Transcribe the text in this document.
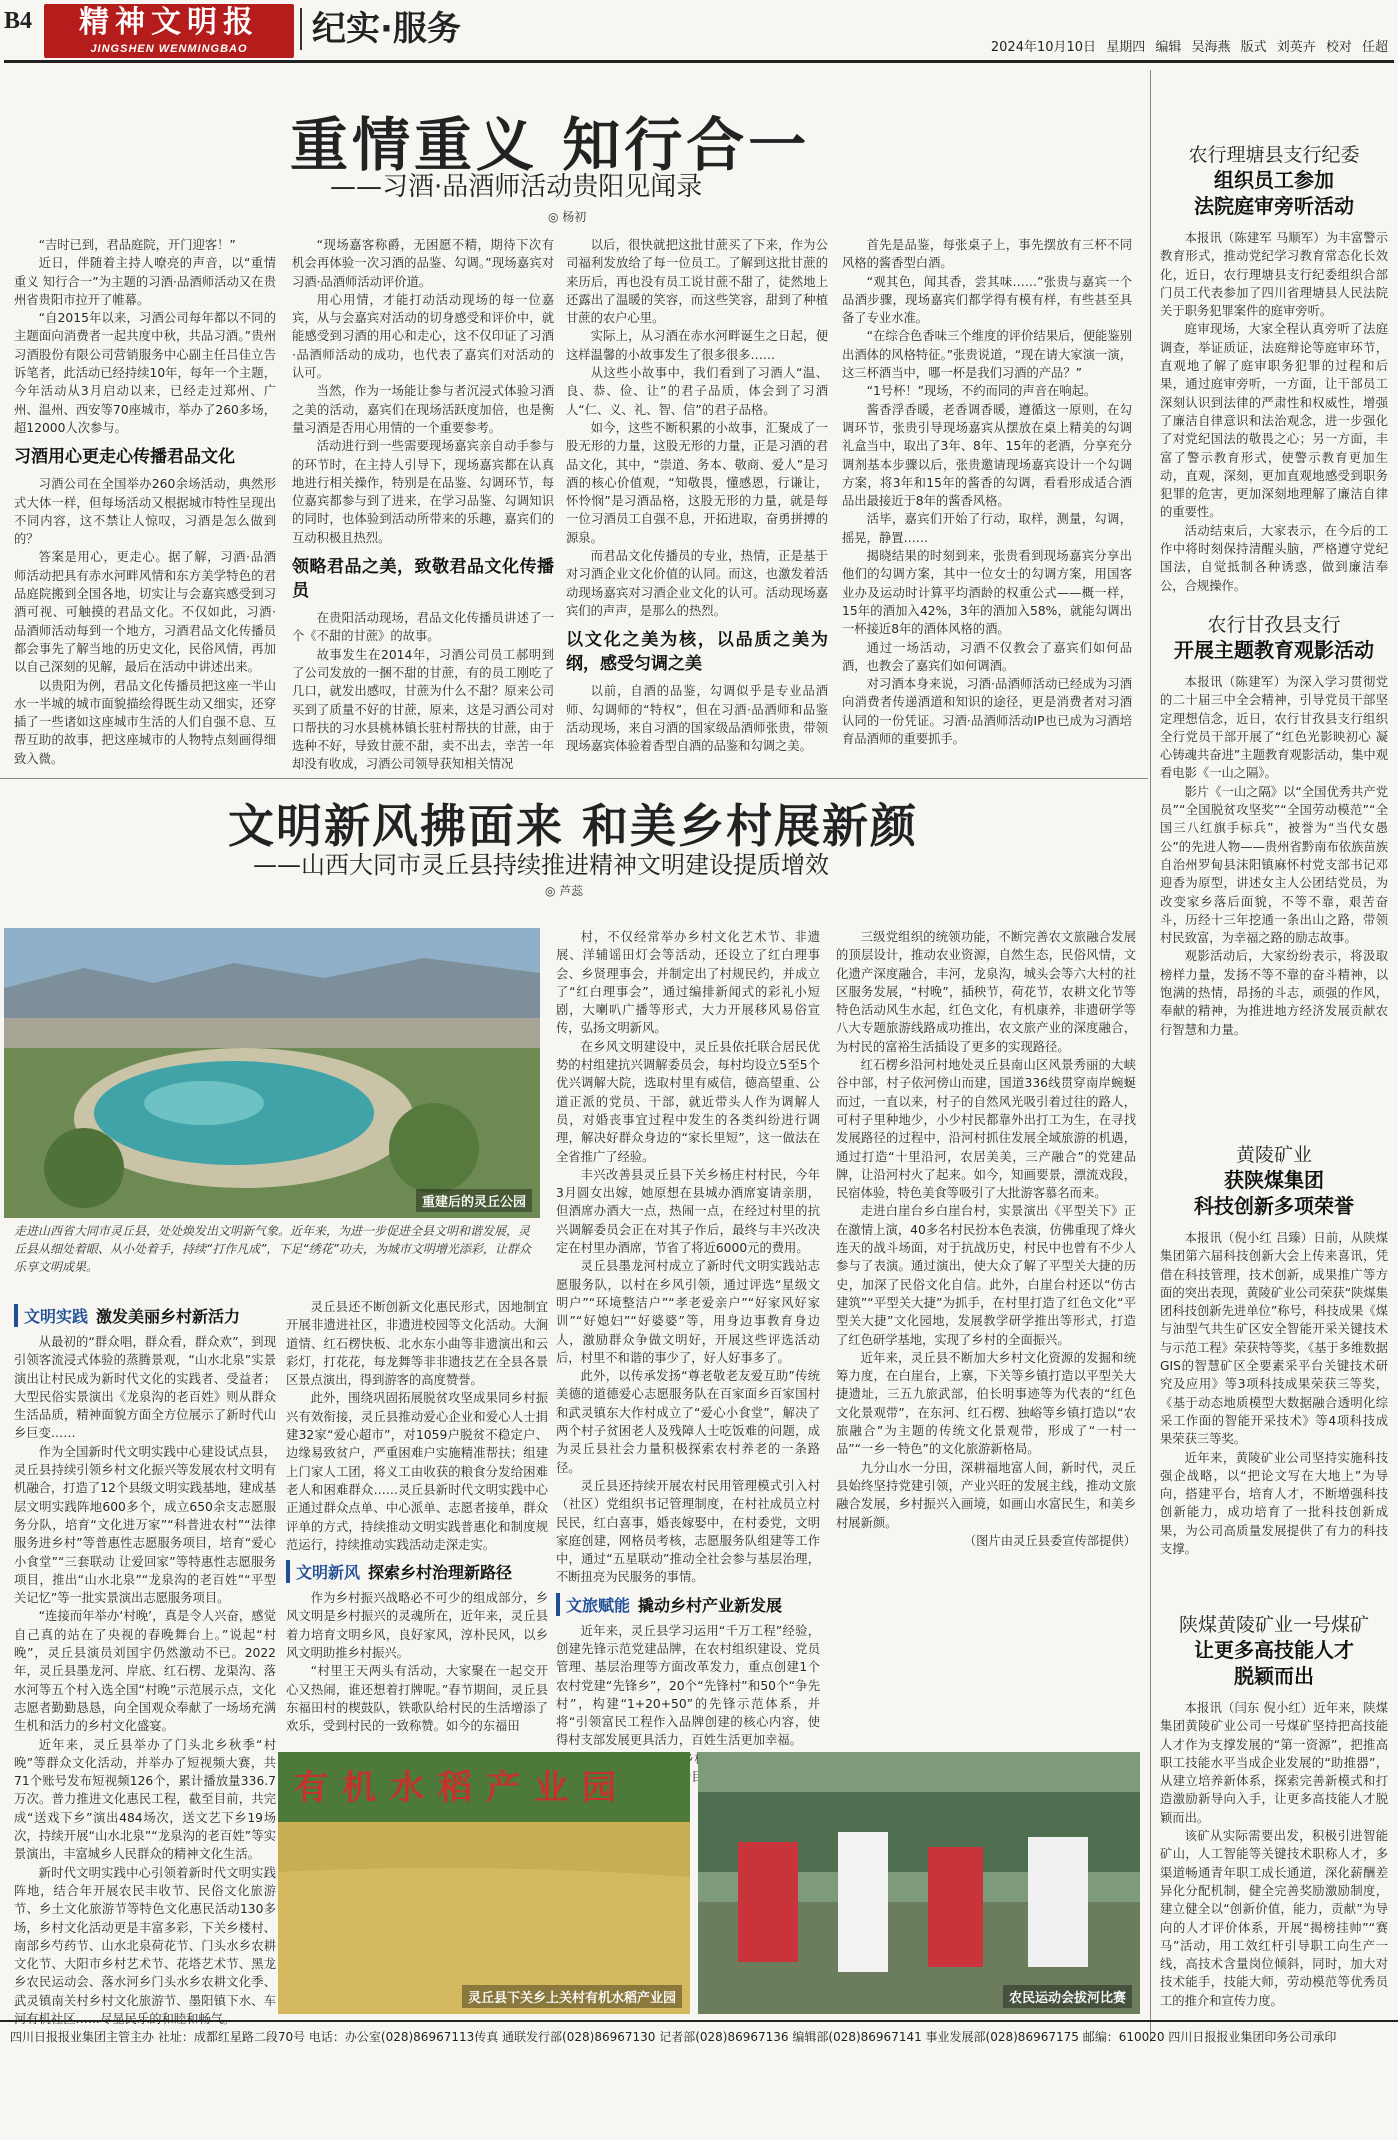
B4	精神文明报
JINGSHEN WENMINGBAO	纪实·服务	2024年10月10日 星期四 编辑 吴海燕 版式 刘英卉 校对 任超
重情重义 知行合一
——习酒·品酒师活动贵阳见闻录
◎ 杨初

“吉时已到，君品庭院，开门迎客！”

近日，伴随着主持人嘹亮的声音，以“重情重义 知行合一”为主题的习酒·品酒师活动又在贵州省贵阳市拉开了帷幕。

“自2015年以来，习酒公司每年都以不同的主题面向消费者一起共度中秋，共品习酒。”贵州习酒股份有限公司营销服务中心副主任吕佳立告诉笔者，此活动已经持续10年，每年一个主题，今年活动从3月启动以来，已经走过郑州、广州、温州、西安等70座城市，举办了260多场，超12000人次参与。

习酒用心更走心传播君品文化

习酒公司在全国举办260余场活动，典然形式大体一样，但每场活动又根据城市特性呈现出不同内容，这不禁让人惊叹，习酒是怎么做到的？

答案是用心，更走心。据了解，习酒·品酒师活动把具有赤水河畔风情和东方美学特色的君品庭院搬到全国各地，切实让与会嘉宾感受到习酒可视、可触摸的君品文化。不仅如此，习酒·品酒师活动每到一个地方，习酒君品文化传播员都会事先了解当地的历史文化，民俗风情，再加以自己深刻的见解，最后在活动中讲述出来。

以贵阳为例，君品文化传播员把这座一半山水一半城的城市面貌描绘得既生动又细实，还穿插了一些诸如这座城市生活的人们自强不息、互帮互助的故事，把这座城市的人物特点刻画得细致入微。

“现场嘉客称爵，无困愿不精，期待下次有机会再体验一次习酒的品鉴、勾调。”现场嘉宾对习酒·品酒师活动评价道。

用心用情，才能打动活动现场的每一位嘉宾，从与会嘉宾对活动的切身感受和评价中，就能感受到习酒的用心和走心，这不仅印证了习酒·品酒师活动的成功，也代表了嘉宾们对活动的认可。

当然，作为一场能让参与者沉浸式体验习酒之美的活动，嘉宾们在现场活跃度加倍，也是衡量习酒是否用心用情的一个重要参考。

活动进行到一些需要现场嘉宾亲自动手参与的环节时，在主持人引导下，现场嘉宾都在认真地进行相关操作，特别是在品鉴、勾调环节，每位嘉宾都参与到了进来，在学习品鉴、勾调知识的同时，也体验到活动所带来的乐趣，嘉宾们的互动积极且热烈。

领略君品之美，致敬君品文化传播员

在贵阳活动现场，君品文化传播员讲述了一个《不甜的甘蔗》的故事。

故事发生在2014年，习酒公司员工郝明到了公司发放的一捆不甜的甘蔗，有的员工刚吃了几口，就发出感叹，甘蔗为什么不甜？原来公司买到了质量不好的甘蔗，原来，这是习酒公司对口帮扶的习水县桃林镇长驻村帮扶的甘蔗，由于选种不好，导致甘蔗不甜，卖不出去，幸苦一年却没有收成，习酒公司领导获知相关情况

以后，很快就把这批甘蔗买了下来，作为公司福利发放给了每一位员工。了解到这批甘蔗的来历后，再也没有员工说甘蔗不甜了，徒然地上还露出了温暖的笑容，而这些笑容，甜到了种植甘蔗的农户心里。

实际上，从习酒在赤水河畔诞生之日起，便这样温馨的小故事发生了很多很多……

从这些小故事中，我们看到了习酒人“温、良、恭、俭、让”的君子品质，体会到了习酒人“仁、义、礼、智、信”的君子品格。

如今，这些不断积累的小故事，汇聚成了一股无形的力量，这股无形的力量，正是习酒的君品文化，其中，“崇道、务本、敬商、爱人”是习酒的核心价值观，“知敬畏，懂感恩，行谦让，怀怜悯”是习酒品格，这股无形的力量，就是每一位习酒员工自强不息，开拓进取，奋勇拼搏的源泉。

而君品文化传播员的专业，热情，正是基于对习酒企业文化价值的认同。而这，也激发着活动现场嘉宾对习酒企业文化的认可。活动现场嘉宾们的声声，是那么的热烈。

以文化之美为核，以品质之美为纲，感受匀调之美

以前，自酒的品鉴，勾调似乎是专业品酒师、勾调师的“特权”，但在习酒·品酒师和品鉴活动现场，来自习酒的国家级品酒师张贵，带领现场嘉宾体验着香型自酒的品鉴和勾调之美。

首先是品鉴，每张桌子上，事先摆放有三杯不同风格的酱香型白酒。

“观其色，闻其香，尝其味……”张贵与嘉宾一个品酒步骤，现场嘉宾们都学得有模有样，有些甚至具备了专业水准。

“在综合色香味三个维度的评价结果后，便能鉴别出酒体的风格特征。”张贵说道，“现在请大家演一演，这三杯酒当中，哪一杯是我们习酒的产品？”

“1号杯！”现场，不约而同的声音在响起。

酱香浮香暖，老香调香暖，遵循这一原则，在勾调环节，张贵引导现场嘉宾从摆放在桌上精美的勾调礼盒当中，取出了3年、8年、15年的老酒，分享充分调剂基本步骤以后，张贵邀请现场嘉宾设计一个勾调方案，将3年和15年的酱香的勾调，看看形成适合酒品出最接近于8年的酱香风格。

活毕，嘉宾们开始了行动，取样，测量，勾调，摇晃，静置……

揭晓结果的时刻到来，张贵看到现场嘉宾分享出他们的勾调方案，其中一位女士的勾调方案，用国客业办及运动时计算平均酒龄的权重公式——概一样，15年的酒加入42%，3年的酒加入58%，就能勾调出一杯接近8年的酒体风格的酒。

通过一场活动，习酒不仅教会了嘉宾们如何品酒，也教会了嘉宾们如何调酒。

对习酒本身来说，习酒·品酒师活动已经成为习酒向消费者传递酒道和知识的途径，更是消费者对习酒认同的一份凭证。习酒·品酒师活动IP也已成为习酒培育品酒师的重要抓手。

文明新风拂面来 和美乡村展新颜
——山西大同市灵丘县持续推进精神文明建设提质增效
◎ 芦蕊
重建后的灵丘公园
走进山西省大同市灵丘县，处处焕发出文明新气象。近年来，为进一步促进全县文明和谐发展，灵丘县从细处着眼、从小处着手，持续“打作凡成”，下足“绣花”功夫，为城市文明增光添彩，让群众乐享文明成果。
文明实践 激发美丽乡村新活力

从最初的“群众唱，群众看，群众欢”，到现引领客流浸式体验的蒸腾景观，“山水北泉”实景演出让村民成为新时代文化的实践者、受益者；大型民俗实景演出《龙泉沟的老百姓》则从群众生活品质，精神面貌方面全方位展示了新时代山乡巨变……

作为全国新时代文明实践中心建设试点县，灵丘县持续引领乡村文化振兴等发展农村文明有机融合，打造了12个县级文明实践基地，建成基层文明实践阵地600多个，成立650余支志愿服务分队，培育“文化进万家”“科普进农村”“法律服务进乡村”等普惠性志愿服务项目，培育“爱心小食堂”“三套联动 让爱回家”等特惠性志愿服务项目，推出“山水北泉”“龙泉沟的老百姓”“平型关记忆”等一批实景演出志愿服务项目。

“连接而年举办‘村晚’，真是令人兴奋，感觉自己真的站在了央视的春晚舞台上。”说起“村晚”，灵丘县演员刘国宇仍然激动不已。2022年，灵丘县墨龙河、岸底、红石楞、龙渠沟、落水河等五个村入选全国“村晚”示范展示点，文化志愿者勤勤恳恳，向全国观众奉献了一场场充满生机和活力的乡村文化盛宴。

近年来，灵丘县举办了门头北乡秋季“村晚”等群众文化活动，并举办了短视频大赛，共71个账号发布短视频126个，累计播放量336.7万次。普力推进文化惠民工程，截至目前，共完成“送戏下乡”演出484场次，送文艺下乡19场次，持续开展“山水北泉”“龙泉沟的老百姓”等实景演出，丰富城乡人民群众的精神文化生活。

新时代文明实践中心引领着新时代文明实践阵地，结合年开展农民丰收节、民俗文化旅游节、乡土文化旅游节等特色文化惠民活动130多场，乡村文化活动更是丰富多彩，下关乡楼村、南部乡芍药节、山水北泉荷花节、门头水乡农耕文化节、大阳市乡村艺术节、花塔艺术节、黑龙乡农民运动会、落水河乡门头水乡农耕文化季、武灵镇南关村乡村文化旅游节、墨阳镇下水、车河有机社区……尽显民乐的和睦和畅气。

灵丘县还不断创新文化惠民形式，因地制宜开展非遗进社区，非遗进校园等文化活动。大涧道情、红石楞快板、北水东小曲等非遗演出和云彩灯，打花花，每龙舞等非非遗技艺在全县各景区景点演出，得到游客的高度赞誉。

此外，围绕巩固拓展脱贫攻坚成果同乡村振兴有效衔接，灵丘县推动爱心企业和爱心人士捐建32家“爱心超市”，对1059户脱贫不稳定户、边缘易致贫户，严重困难户实施精准帮扶；组建上门家人工团，将义工由收获的粮食分发给困难老人和困难群众……灵丘县新时代文明实践中心正通过群众点单、中心派单、志愿者接单，群众评单的方式，持续推动文明实践普惠化和制度规范运行，持续推动实践活动走深走实。

文明新风 探索乡村治理新路径

作为乡村振兴战略必不可少的组成部分，乡风文明是乡村振兴的灵魂所在，近年来，灵丘县着力培育文明乡风，良好家风，淳朴民风，以乡风文明助推乡村振兴。

“村里王天两头有活动，大家聚在一起交开心又热闹，谁还想着打牌呢。”春节期间，灵丘县东福田村的楔鼓队，铁歌队给村民的生活增添了欢乐，受到村民的一致称赞。如今的东福田

村，不仅经常举办乡村文化艺术节、非遗展、洋辅谣田灯会等活动，还设立了红白理事会、乡贤理事会，并制定出了村规民约，并成立了“红白理事会”，通过编排新闻式的彩礼小短剧，大喇叭广播等形式，大力开展移风易俗宣传，弘扬文明新风。

在乡风文明建设中，灵丘县依托联合居民优势的村组建抗兴调解委员会，每村均设立5至5个优兴调解大院，选取村里有威信，德高望重、公道正派的党员、干部，就近带头人作为调解人员，对婚丧事宜过程中发生的各类纠纷进行调理，解决好群众身边的“家长里短”，这一做法在全省推广了经验。

丰兴改善县灵丘县下关乡杨庄村村民，今年3月圆女出嫁，她原想在县城办酒席宴请亲朋，但酒席办酒大一点，热闹一点，在经过村里的抗兴调解委员会正在对其子作后，最终与丰兴改决定在村里办酒席，节省了将近6000元的费用。

灵丘县墨龙河村成立了新时代文明实践站志愿服务队，以村在乡风引领，通过评选“星级文明户”“环境整洁户”“孝老爱亲户”“好家风好家训”“好媳妇”“好婆婆”等，用身边事教育身边人，激励群众争做文明好，开展这些评选活动后，村里不和谐的事少了，好人好事多了。

此外，以传承发扬“尊老敬老友爱互助”传统美德的道德爱心志愿服务队在百家面乡百家国村和武灵镇东大作村成立了“爱心小食堂”，解决了两个村子贫困老人及残障人士吃饭难的问题，成为灵丘县社会力量积极探索农村养老的一条路径。

灵丘县还持续开展农村民用管理模式引入村（社区）党组织书记管理制度，在村社成员立村民民，红白喜事，婚丧嫁娶中，在村委党，文明家庭创建，网格员考核，志愿服务队组建等工作中，通过“五星联动”推动全社会参与基层治理，不断扭亮为民服务的事情。

文旅赋能 撬动乡村产业新发展

近年来，灵丘县学习运用“千万工程”经验，创建先锋示范党建品牌，在农村组织建设、党员管理、基层治理等方面改革发力，重点创建1个农村党建“先锋乡”，20个“先锋村”和50个“争先村”，构建“1+20+50”的先锋示范体系，并将“引领富民工程作入品牌创建的核心内容，使得村支部发展更具活力，百姓生活更加幸福。

三级党组织的统领功能，不断完善农文旅融合发展的顶层设计，推动农业资源，自然生态，民俗风情，文化遗产深度融合，丰河，龙泉沟，城头会等六大村的社区服务发展，“村晚”，插秧节，荷花节，农耕文化节等特色活动风生水起，红色文化，有机康养，非遗研学等八大专题旅游线路成功推出，农文旅产业的深度融合，为村民的富裕生活插设了更多的实现路径。

红石楞乡沿河村地处灵丘县南山区风景秀丽的大峡谷中部，村子依河傍山而建，国道336线贯穿南岸蜿蜒而过，一直以来，村子的自然风光吸引着过往的路人，可村子里种地少，小少村民都靠外出打工为生，在寻找发展路径的过程中，沿河村抓住发展全域旅游的机遇，通过打造“十里沿河，农居美美，三产融合”的党建品牌，让沿河村火了起来。如今，知画要景，漂流戏段，民宿体验，特色美食等吸引了大批游客慕名而来。

走进白崖台乡白崖台村，实景演出《平型关下》正在激情上演，40多名村民扮本色表演，仿佛重现了烽火连天的战斗场面，对于抗战历史，村民中也曾有不少人参与了表演。通过演出，使大众了解了平型关大捷的历史，加深了民俗文化自信。此外，白崖台村还以“仿古建筑”“平型关大捷”为抓手，在村里打造了红色文化“平型关大捷”文化园地，发展教学研学推出等形式，打造了红色研学基地，实现了乡村的全面振兴。

近年来，灵丘县不断加大乡村文化资源的发掘和统筹力度，在白崖台，上寨，下关等乡镇打造以平型关大捷遗址，三五九旅武部，伯长明事迹等为代表的“红色文化景观带”，在东河、红石楞、独峪等乡镇打造以“农旅融合”为主题的传统文化景观带，形成了“一村一品”“一乡一特色”的文化旅游新格局。

九分山水一分田，深耕福地富人间，新时代，灵丘县始终坚持党建引领，产业兴旺的发展主线，推动文旅融合发展，乡村振兴入画境，如画山水富民生，和美乡村展新颜。

（图片由灵丘县委宣传部提供）
有机水稻产业园
灵丘县下关乡上关村有机水稻产业园	农民运动会拔河比赛
农行理塘县支行纪委
组织员工参加
法院庭审旁听活动

本报讯（陈建军 马顺军）为丰富警示教育形式，推动党纪学习教育常态化长效化，近日，农行理塘县支行纪委组织合部门员工代表参加了四川省理塘县人民法院关于职务犯罪案件的庭审旁听。

庭审现场，大家全程认真旁听了法庭调查，举证质证，法庭辩论等庭审环节，直观地了解了庭审职务犯罪的过程和后果，通过庭审旁听，一方面，让干部员工深刻认识到法律的严肃性和权威性，增强了廉洁自律意识和法治观念，进一步强化了对党纪国法的敬畏之心；另一方面，丰富了警示教育形式，使警示教育更加生动，直观，深刻，更加直观地感受到职务犯罪的危害，更加深刻地理解了廉洁自律的重要性。

活动结束后，大家表示，在今后的工作中将时刻保持清醒头脑，严格遵守党纪国法，自觉抵制各种诱惑，做到廉洁奉公，合规操作。

农行甘孜县支行
开展主题教育观影活动

本报讯（陈建军）为深入学习贯彻党的二十届三中全会精神，引导党员干部坚定理想信念，近日，农行甘孜县支行组织全行党员干部开展了“红色光影映初心 凝心铸魂共奋进”主题教育观影活动，集中观看电影《一山之隔》。

影片《一山之隔》以“全国优秀共产党员”“全国脱贫攻坚奖”“全国劳动模范”“全国三八红旗手标兵”，被誉为“当代女愚公”的先进人物——贵州省黔南布依族苗族自治州罗甸县沫阳镇麻怀村党支部书记邓迎香为原型，讲述女主人公团结党员，为改变家乡落后面貌，不等不靠，艰苦奋斗，历经十三年挖通一条出山之路，带领村民致富，为幸福之路的励志故事。

观影活动后，大家纷纷表示，将汲取榜样力量，发扬不等不靠的奋斗精神，以饱满的热情，昂扬的斗志，顽强的作风，奉献的精神，为推进地方经济发展贡献农行智慧和力量。

黄陵矿业
获陕煤集团
科技创新多项荣誉

本报讯（倪小红 吕臻）日前，从陕煤集团第六届科技创新大会上传来喜讯，凭借在科技管理，技术创新，成果推广等方面的突出表现，黄陵矿业公司荣获“陕煤集团科技创新先进单位”称号，科技成果《煤与油型气共生矿区安全智能开采关键技术与示范工程》荣获特等奖，《基于多维数据GIS的智慧矿区全要素采平台关键技术研究及应用》等3项科技成果荣获三等奖，《基于动态地质模型大数据融合透明化综采工作面的智能开采技术》等4项科技成果荣获三等奖。

近年来，黄陵矿业公司坚持实施科技强企战略，以“把论文写在大地上”为导向，搭建平台，培育人才，不断增强科技创新能力，成功培育了一批科技创新成果，为公司高质量发展提供了有力的科技支撑。

陕煤黄陵矿业一号煤矿
让更多高技能人才
脱颖而出

本报讯（闫东 倪小红）近年来，陕煤集团黄陵矿业公司一号煤矿坚持把高技能人才作为支撑发展的“第一资源”，把推高职工技能水平当成企业发展的“助推器”，从建立培养新体系，探索完善新模式和打造激励新导向入手，让更多高技能人才脱颖而出。

该矿从实际需要出发，积极引进智能矿山，人工智能等关键技术职称人才，多渠道畅通青年职工成长通道，深化薪酬差异化分配机制，健全完善奖励激励制度，建立健全以“创新价值，能力，贡献”为导向的人才评价体系，开展“揭榜挂帅”“赛马”活动，用工效红杆引导职工向生产一线，高技术含量岗位倾斜，同时，加大对技术能手，技能大师，劳动模范等优秀员工的推介和宣传力度。

四川日报报业集团主管主办 社址：成都红星路二段70号 电话：办公室(028)86967113传真 通联发行部(028)86967130 记者部(028)86967136 编辑部(028)86967141 事业发展部(028)86967175 邮编：610020 四川日报报业集团印务公司承印
